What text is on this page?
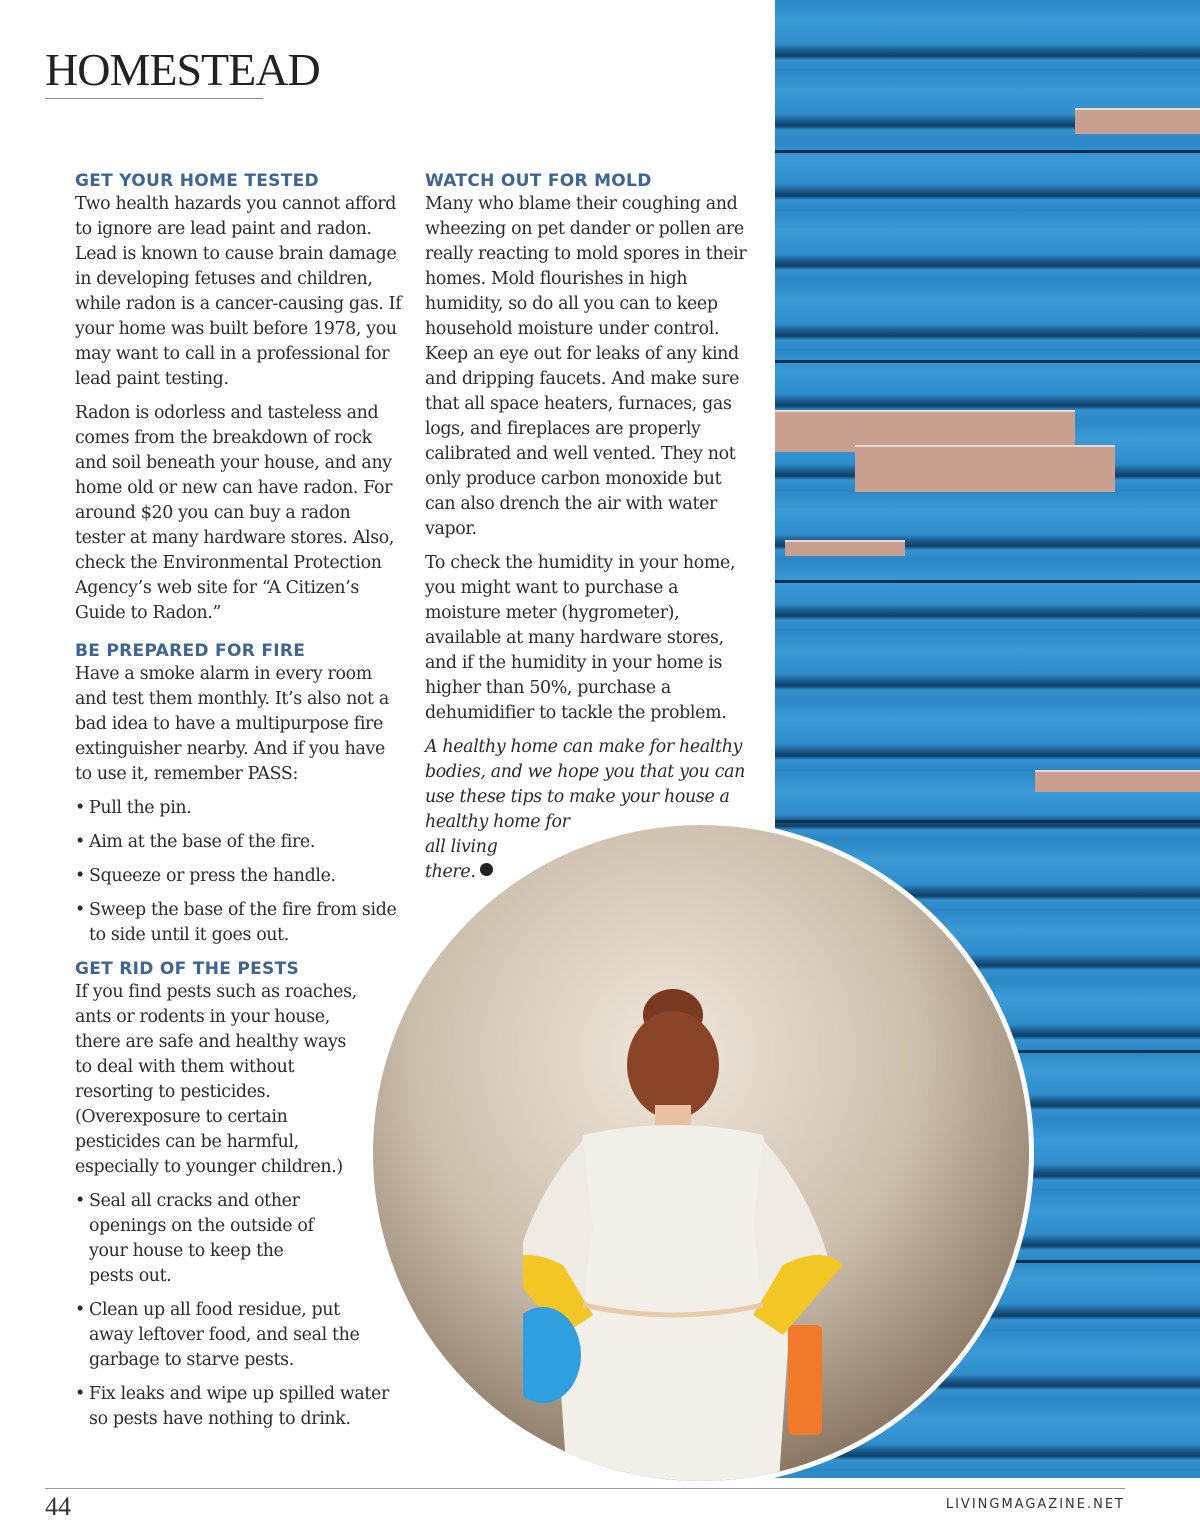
HOMESTEAD
GET YOUR HOME TESTED

Two health hazards you cannot afford to ignore are lead paint and radon. Lead is known to cause brain damage in developing fetuses and children, while radon is a cancer-causing gas. If your home was built before 1978, you may want to call in a professional for lead paint testing.

Radon is odorless and tasteless and comes from the breakdown of rock and soil beneath your house, and any home old or new can have radon. For around $20 you can buy a radon tester at many hardware stores. Also, check the Environmental Protection Agency’s web site for “A Citizen’s Guide to Radon.”

BE PREPARED FOR FIRE

Have a smoke alarm in every room and test them monthly. It’s also not a bad idea to have a multipurpose fire extinguisher nearby. And if you have to use it, remember PASS:

• Pull the pin.
• Aim at the base of the fire.
• Squeeze or press the handle.
• Sweep the base of the fire from side to side until it goes out.
GET RID OF THE PESTS

If you find pests such as roaches, ants or rodents in your house, there are safe and healthy ways to deal with them without resorting to pesticides. (Overexposure to certain pesticides can be harmful, especially to younger children.)

• Seal all cracks and other openings on the outside of your house to keep the pests out.
• Clean up all food residue, put away leftover food, and seal the garbage to starve pests.
• Fix leaks and wipe up spilled water so pests have nothing to drink.
WATCH OUT FOR MOLD

Many who blame their coughing and wheezing on pet dander or pollen are really reacting to mold spores in their homes. Mold flourishes in high humidity, so do all you can to keep household moisture under control. Keep an eye out for leaks of any kind and dripping faucets. And make sure that all space heaters, furnaces, gas logs, and fireplaces are properly calibrated and well vented. They not only produce carbon monoxide but can also drench the air with water vapor.

To check the humidity in your home, you might want to purchase a moisture meter (hygrometer), available at many hardware stores, and if the humidity in your home is higher than 50%, purchase a dehumidifier to tackle the problem.

A healthy home can make for healthy
bodies, and we hope you that you can
use these tips to make your house a
healthy home for
all living
there.

44	LIVINGMAGAZINE.NET
